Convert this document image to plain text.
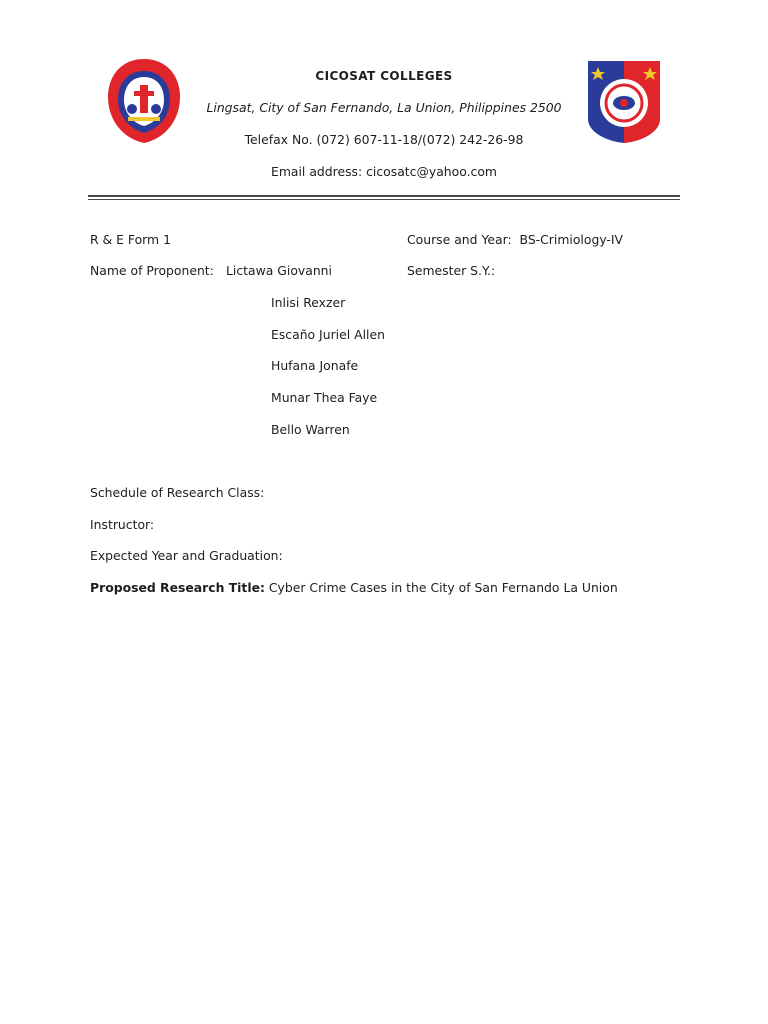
CICOSAT COLLEGES
Lingsat, City of San Fernando, La Union, Philippines 2500
Telefax No. (072) 607-11-18/(072) 242-26-98
Email address: cicosatc@yahoo.com
R & E Form 1	Course and Year: BS-Crimiology-IV
Name of Proponent: Lictawa Giovanni	Semester S.Y.:
Inlisi Rexzer
Escaño Juriel Allen
Hufana Jonafe
Munar Thea Faye
Bello Warren
Schedule of Research Class:
Instructor:
Expected Year and Graduation:
Proposed Research Title: Cyber Crime Cases in the City of San Fernando La Union
